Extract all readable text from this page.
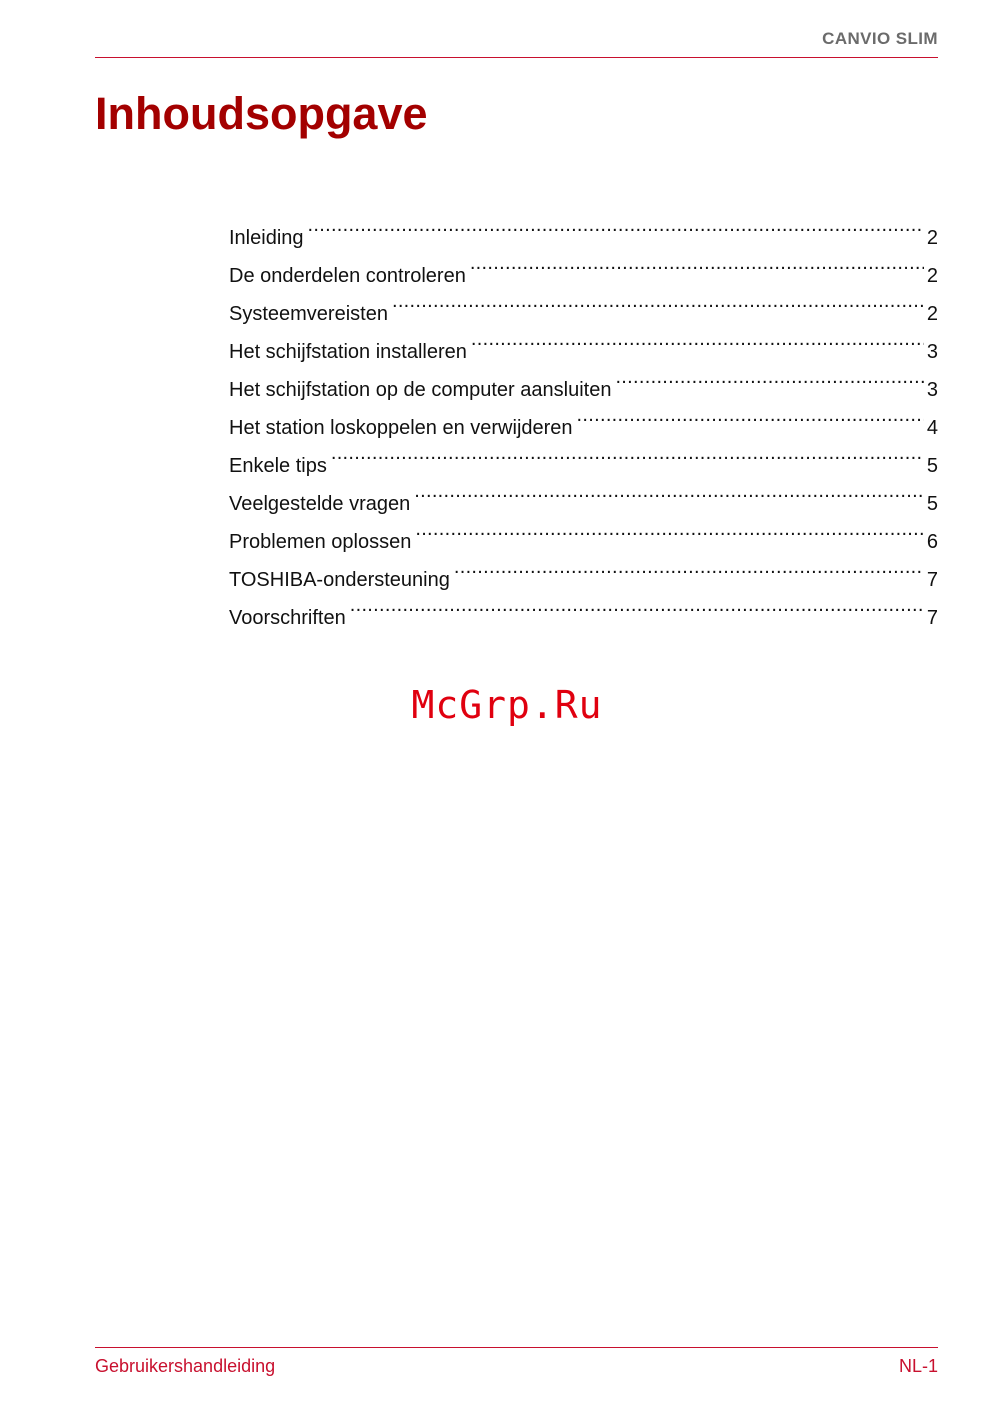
CANVIO SLIM
Inhoudsopgave
Inleiding .....	2
De onderdelen controleren .....	2
Systeemvereisten .....	2
Het schijfstation installeren .....	3
Het schijfstation op de computer aansluiten .....	3
Het station loskoppelen en verwijderen .....	4
Enkele tips .....	5
Veelgestelde vragen .....	5
Problemen oplossen .....	6
TOSHIBA-ondersteuning .....	7
Voorschriften .....	7
McGrp.Ru
Gebruikershandleiding	NL-1
